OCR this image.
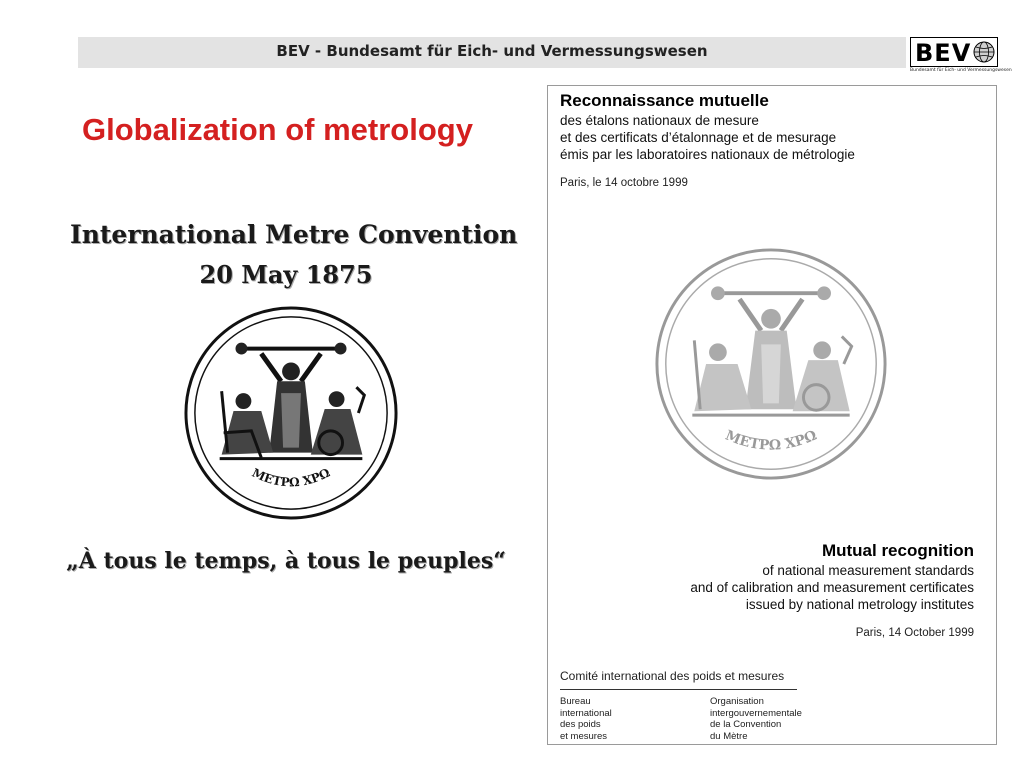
BEV - Bundesamt für Eich- und Vermessungswesen	BEV
Bundesamt für Eich- und Vermessungswesen
Globalization of metrology
International Metre Convention
20 May 1875
ΜΕΤΡΩ ΧΡΩ
„À tous le temps, à tous le peuples“
Reconnaissance mutuelle
des étalons nationaux de mesure
et des certificats d’étalonnage et de mesurage
émis par les laboratoires nationaux de métrologie
Paris, le 14 octobre 1999
ΜΕΤΡΩ ΧΡΩ
Mutual recognition
of national measurement standards
and of calibration and measurement certificates
issued by national metrology institutes
Paris, 14 October 1999
Comité international des poids et mesures
Bureau
international
des poids
et mesures
Organisation
intergouvernementale
de la Convention
du Mètre
